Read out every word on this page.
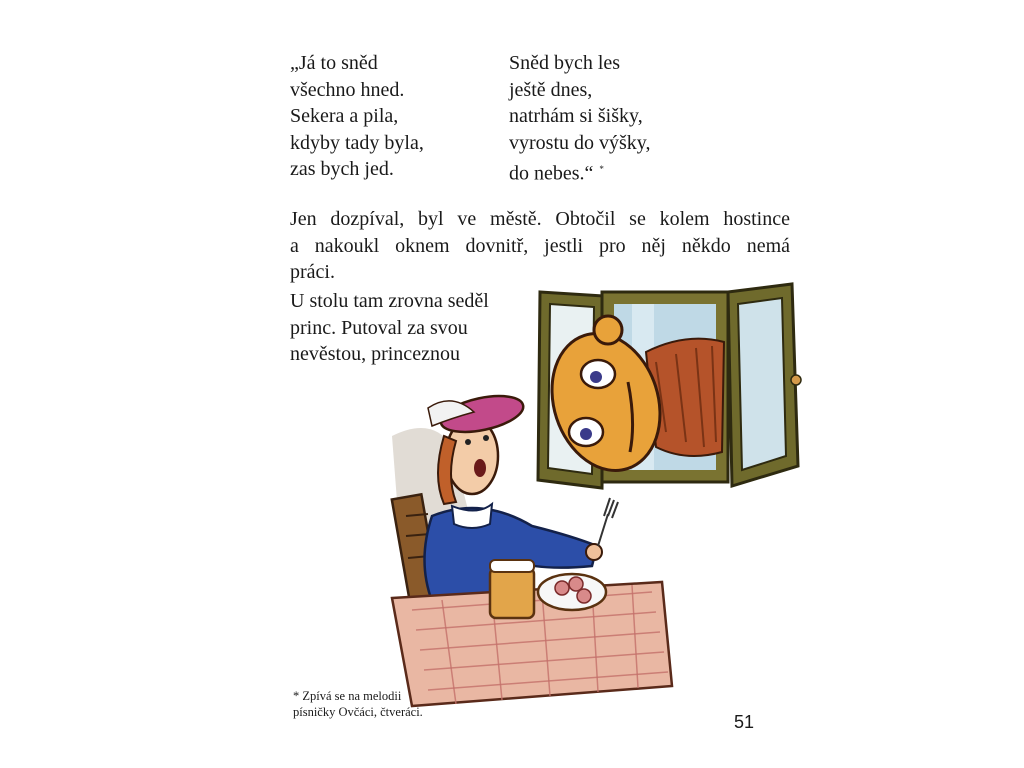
„Já to sněd
všechno hned.
Sekera a pila,
kdyby tady byla,
zas bych jed.
Sněd bych les
ještě dnes,
natrhám si šišky,
vyrostu do výšky,
do nebes.“ *
Jen dozpíval, byl ve městě. Obtočil se kolem hostince
a nakoukl oknem dovnitř, jestli pro něj někdo nemá
práci.
U stolu tam zrovna seděl
princ. Putoval za svou
nevěstou, princeznou
* Zpívá se na melodii
písničky Ovčáci, čtveráci.	51
